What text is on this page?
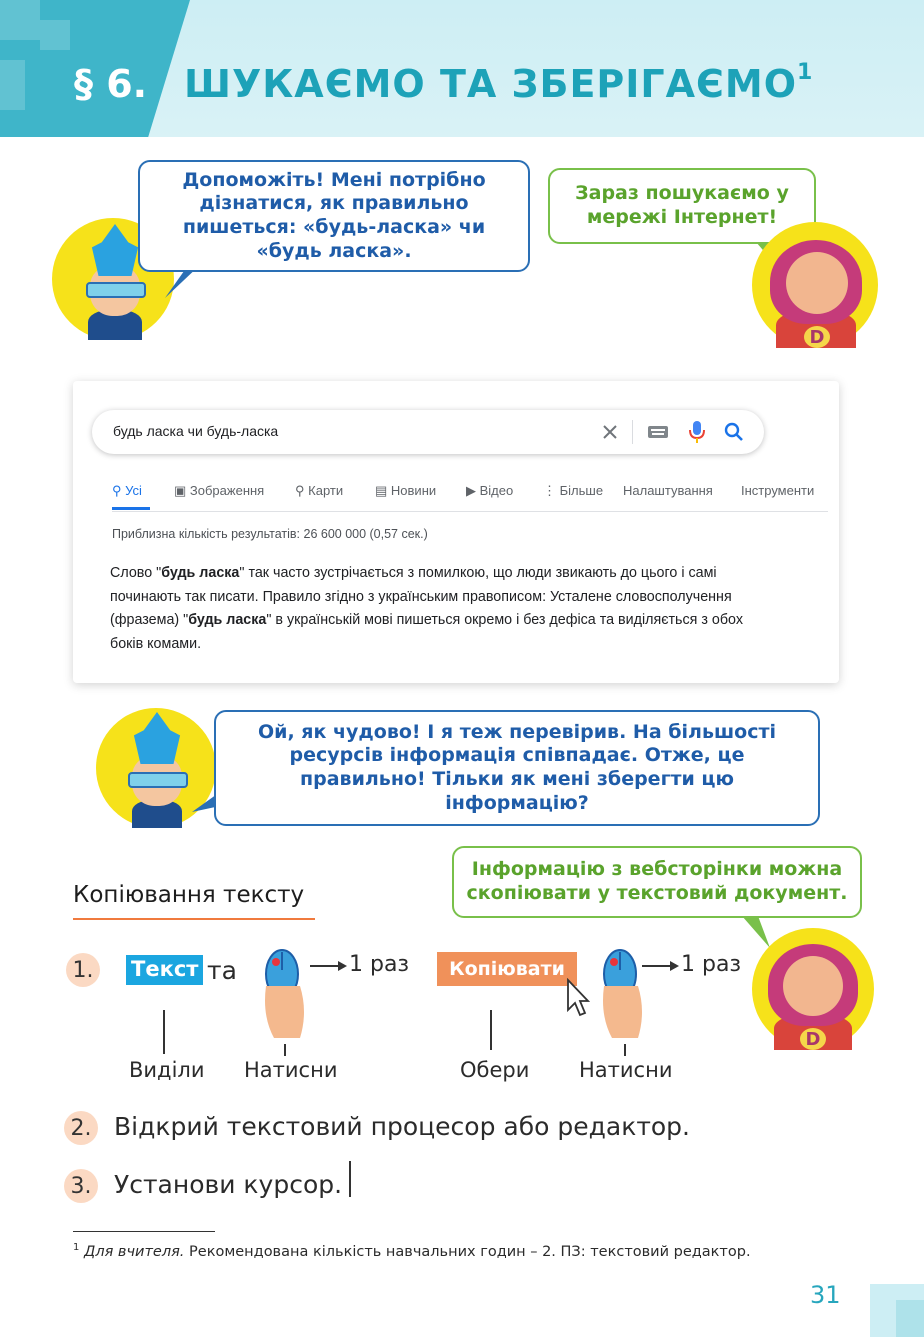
§ 6. ШУКАЄМО ТА ЗБЕРІГАЄМО$^1$
Допоможіть! Мені потрібно дізнатися, як правильно пишеться: «будь-ласка» чи «будь ласка».
Зараз пошукаємо у мережі Інтернет!
D
будь ласка чи будь-ласка
⚲ Усі ▣ Зображення ⚲ Карти ▤ Новини ▶ Відео ⋮ Більше Налаштування Інструменти
Приблизна кількість результатів: 26 600 000 (0,57 сек.)
Слово "будь ласка" так часто зустрічається з помилкою, що люди звикають до цього і самі починають так писати. Правило згідно з українським правописом: Усталене словосполучення (фразема) "будь ласка" в українській мові пишеться окремо і без дефіса та виділяється з обох боків комами.
Ой, як чудово! І я теж перевірив. На більшості ресурсів інформація співпадає. Отже, це правильно! Тільки як мені зберегти цю інформацію?
Копіювання тексту
Інформацію з вебсторінки можна скопіювати у текстовий документ.
D
1.	Текст та	1 раз	Копіювати	1 раз
Виділи Натисни	Обери Натисни
2. Відкрий текстовий процесор або редактор.
3. Установи курсор.
$^1$ Для вчителя. Рекомендована кількість навчальних годин – 2. ПЗ: текстовий редактор.
31
